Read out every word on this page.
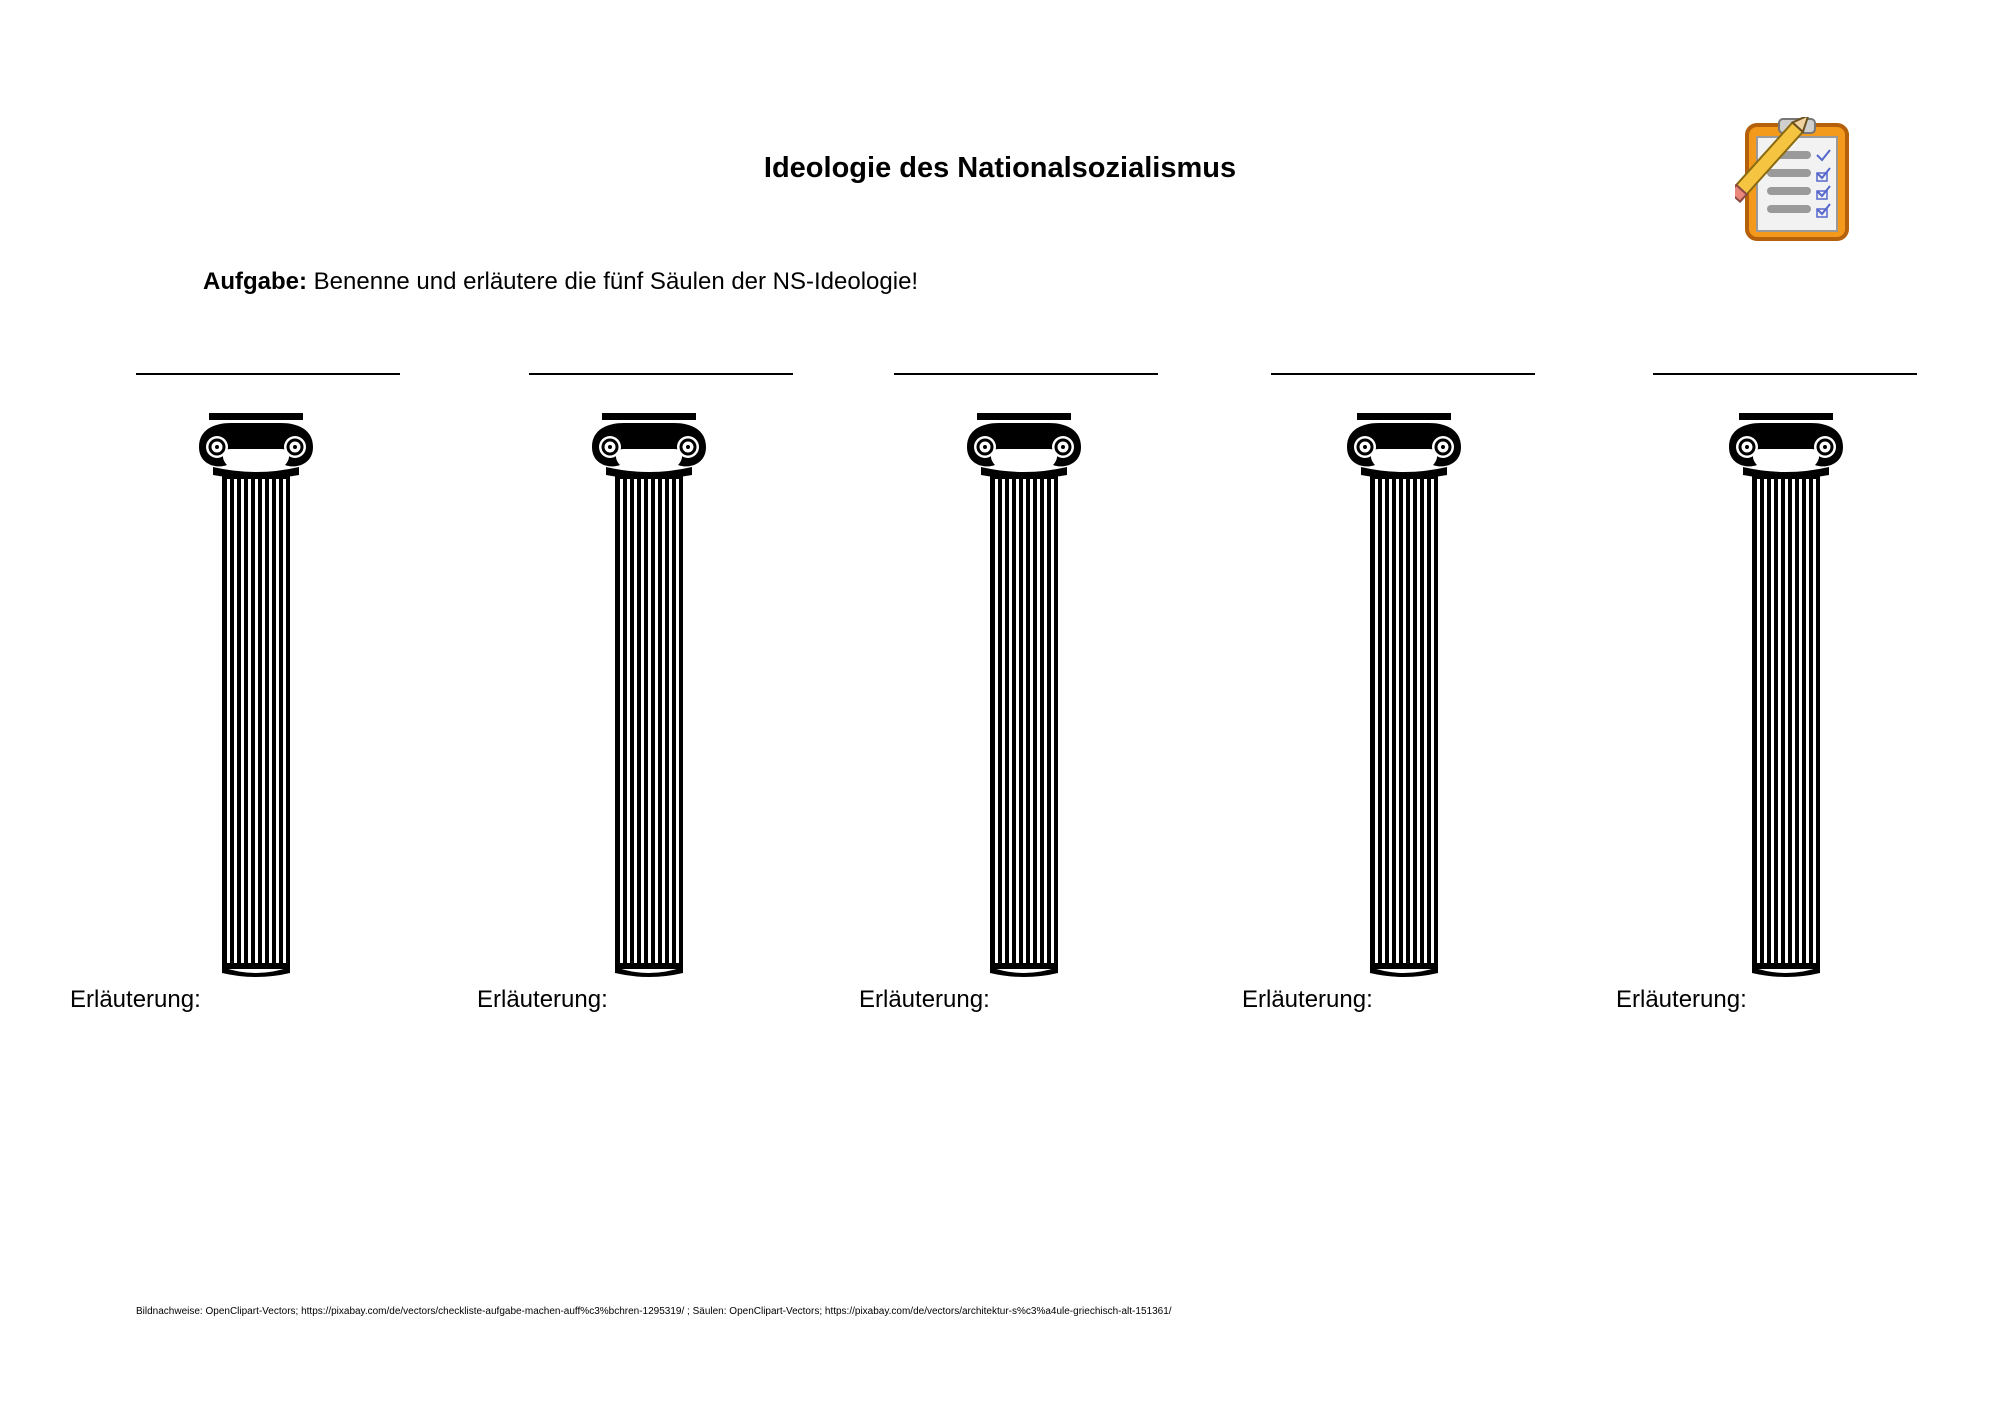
Ideologie des Nationalsozialismus
Aufgabe: Benenne und erläutere die fünf Säulen der NS-Ideologie!
Erläuterung:	Erläuterung:	Erläuterung:	Erläuterung:	Erläuterung:
Bildnachweise: OpenClipart-Vectors; https://pixabay.com/de/vectors/checkliste-aufgabe-machen-auff%c3%bchren-1295319/ ; Säulen: OpenClipart-Vectors; https://pixabay.com/de/vectors/architektur-s%c3%a4ule-griechisch-alt-151361/
